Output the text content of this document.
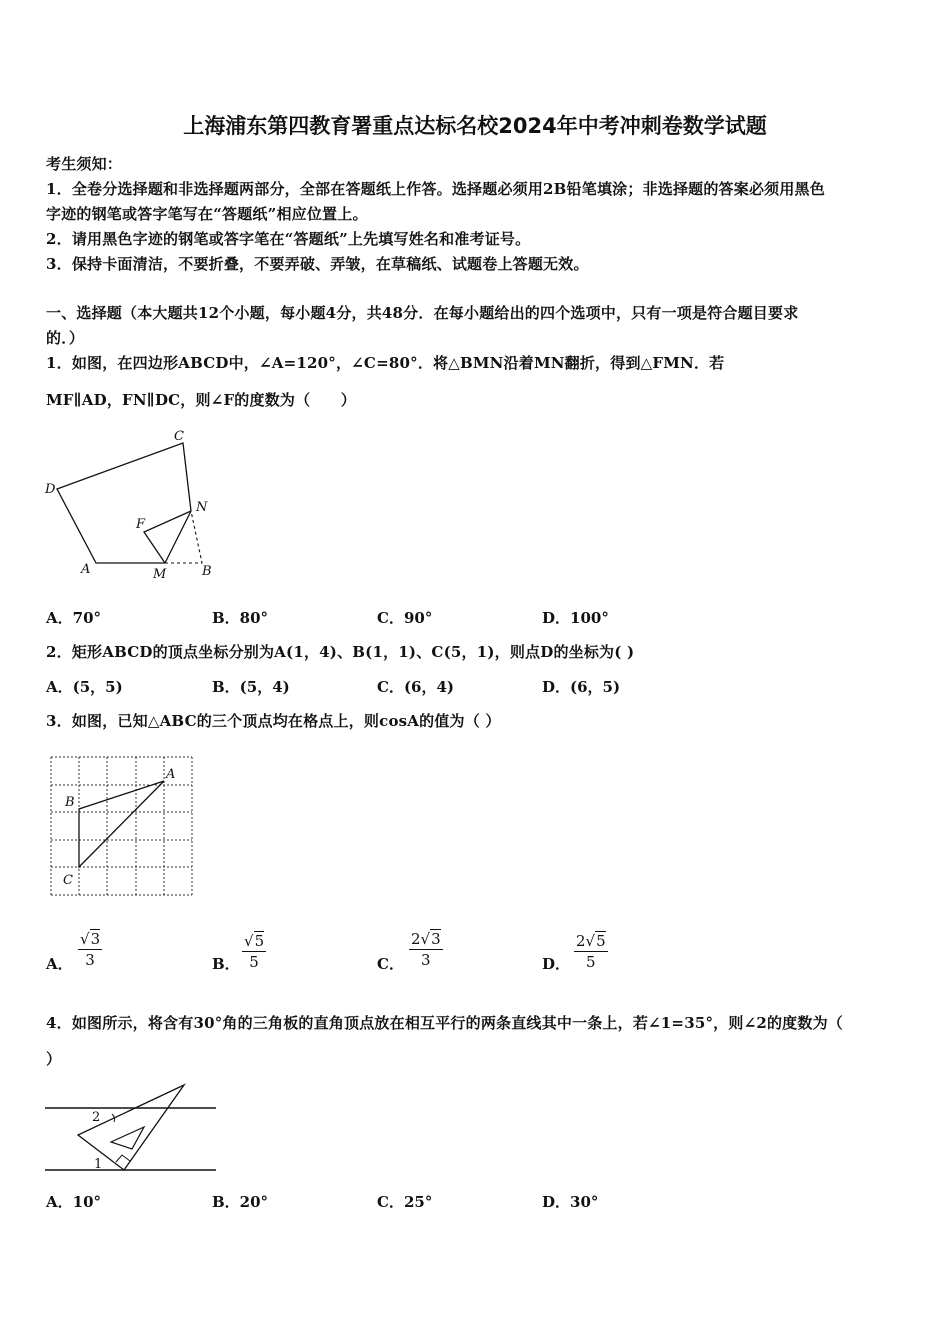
上海浦东第四教育署重点达标名校2024年中考冲刺卷数学试题
考生须知：
1．全卷分选择题和非选择题两部分，全部在答题纸上作答。选择题必须用2B铅笔填涂；非选择题的答案必须用黑色
字迹的钢笔或答字笔写在“答题纸”相应位置上。
2．请用黑色字迹的钢笔或答字笔在“答题纸”上先填写姓名和准考证号。
3．保持卡面清洁，不要折叠，不要弄破、弄皱，在草稿纸、试题卷上答题无效。
一、选择题（本大题共12个小题，每小题4分，共48分．在每小题给出的四个选项中，只有一项是符合题目要求
的．）
1．如图，在四边形ABCD中，∠A=120°，∠C=80°．将△BMN沿着MN翻折，得到△FMN．若
MF∥AD，FN∥DC，则∠F的度数为（　　）
C
D
N
F
A	M	B
A．70°	B．80°	C．90°	D．100°
2．矩形ABCD的顶点坐标分别为A(1，4)、B(1，1)、C(5，1)，则点D的坐标为( )
A．(5，5)	B．(5，4)	C．(6，4)	D．(6，5)
3．如图，已知△ABC的三个顶点均在格点上，则cosA的值为（ ）
A
B
C
A． $\frac{√3}{3}$	B． $\frac{√5}{5}$	C． $\frac{2√3}{3}$	D． $\frac{2√5}{5}$
4．如图所示，将含有30°角的三角板的直角顶点放在相互平行的两条直线其中一条上，若∠1=35°，则∠2的度数为（
）
2
1
A．10°	B．20°	C．25°	D．30°
